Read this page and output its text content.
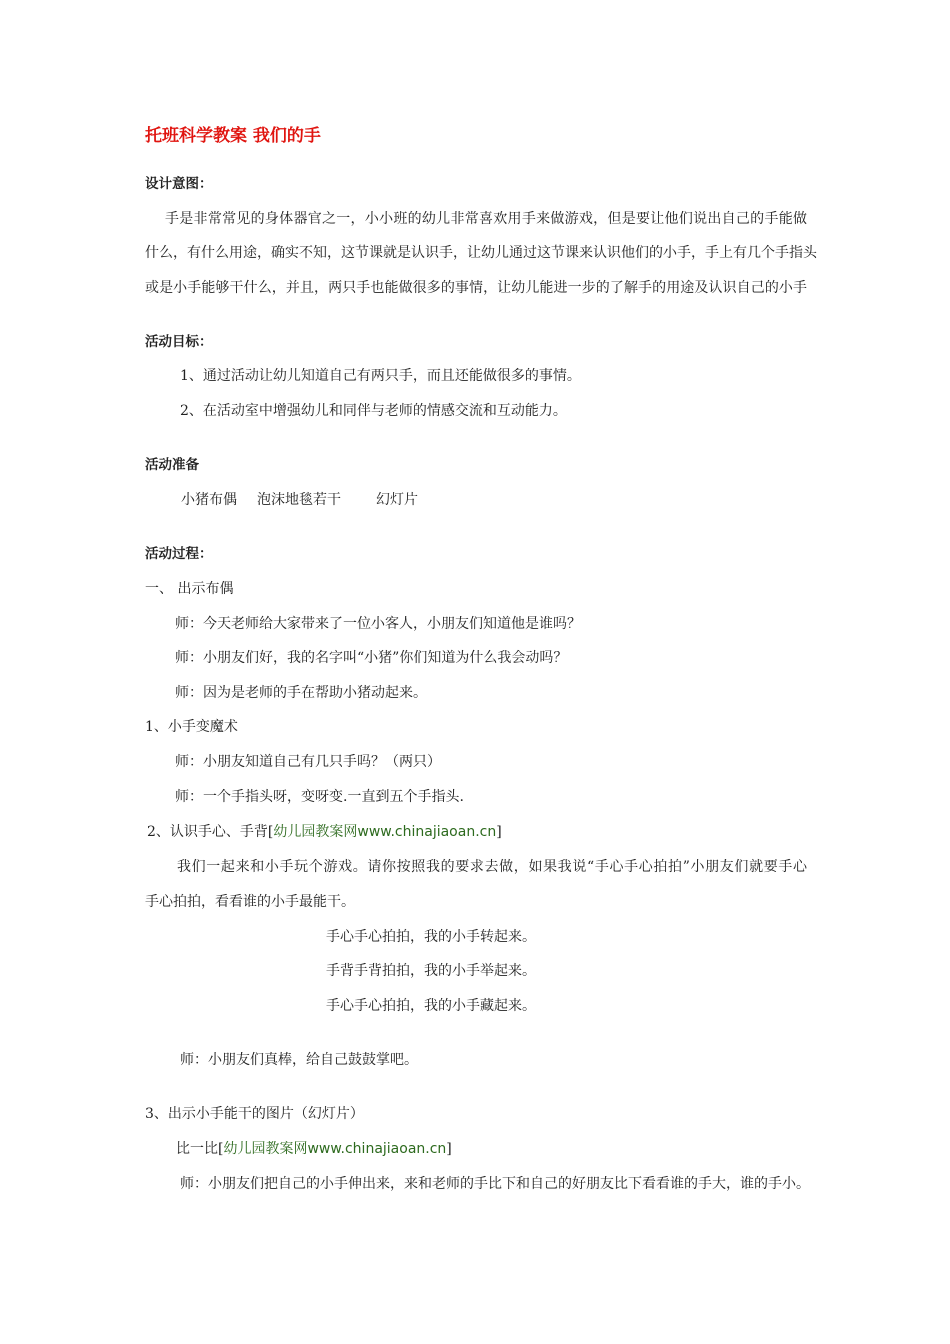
托班科学教案 我们的手
设计意图：
手是非常常见的身体器官之一，小小班的幼儿非常喜欢用手来做游戏，但是要让他们说出自己的手能做
什么，有什么用途，确实不知，这节课就是认识手，让幼儿通过这节课来认识他们的小手，手上有几个手指头
或是小手能够干什么，并且，两只手也能做很多的事情，让幼儿能进一步的了解手的用途及认识自己的小手
活动目标：
1、通过活动让幼儿知道自己有两只手，而且还能做很多的事情。
2、在活动室中增强幼儿和同伴与老师的情感交流和互动能力。
活动准备
小猪布偶 泡沫地毯若干	幻灯片
活动过程：
一、 出示布偶
师：今天老师给大家带来了一位小客人，小朋友们知道他是谁吗？
师：小朋友们好，我的名字叫“小猪”你们知道为什么我会动吗？
师：因为是老师的手在帮助小猪动起来。
1、小手变魔术
师：小朋友知道自己有几只手吗？（两只）
师：一个手指头呀，变呀变.一直到五个手指头.
2、认识手心、手背[幼儿园教案网www.chinajiaoan.cn]
我们一起来和小手玩个游戏。请你按照我的要求去做，如果我说“手心手心拍拍”小朋友们就要手心
手心拍拍，看看谁的小手最能干。
手心手心拍拍，我的小手转起来。
手背手背拍拍，我的小手举起来。
手心手心拍拍，我的小手藏起来。
师：小朋友们真棒，给自己鼓鼓掌吧。
3、出示小手能干的图片（幻灯片）
比一比[幼儿园教案网www.chinajiaoan.cn]
师：小朋友们把自己的小手伸出来，来和老师的手比下和自己的好朋友比下看看谁的手大，谁的手小。
